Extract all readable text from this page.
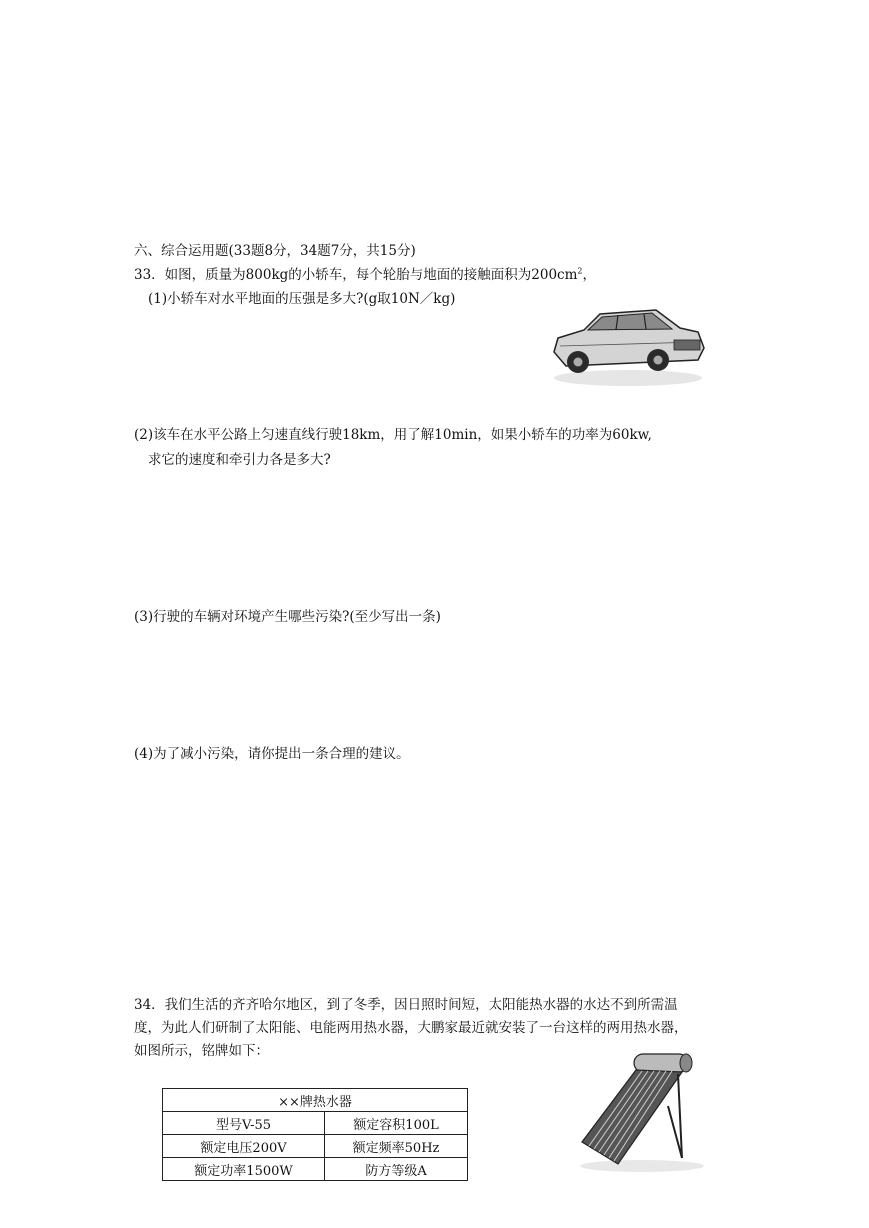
六、综合运用题(33题8分，34题7分，共15分)
33．如图，质量为800kg的小轿车，每个轮胎与地面的接触面积为$200cm^2$，
(1)小轿车对水平地面的压强是多大?(g取10N／kg)
(2)该车在水平公路上匀速直线行驶18km，用了解10min，如果小轿车的功率为60kw,
求它的速度和牵引力各是多大?
(3)行驶的车辆对环境产生哪些污染?(至少写出一条)
(4)为了减小污染，请你提出一条合理的建议。
34．我们生活的齐齐哈尔地区，到了冬季，因日照时间短，太阳能热水器的水达不到所需温
度，为此人们研制了太阳能、电能两用热水器，大鹏家最近就安装了一台这样的两用热水器，
如图所示，铭牌如下：
××牌热水器	
型号V-55	额定容积100L
额定电压200V	额定频率50Hz
额定功率1500W	防方等级A
